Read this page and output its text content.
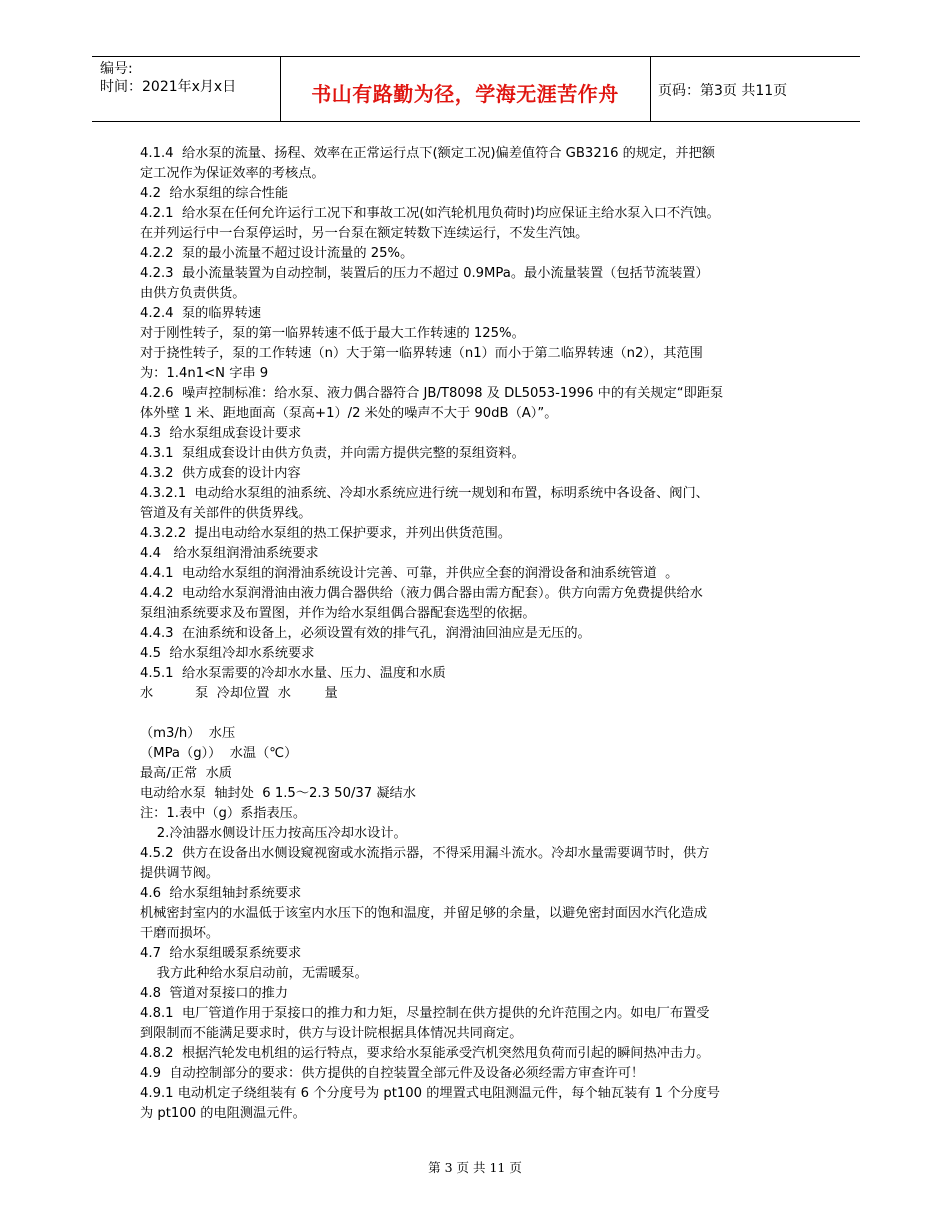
编号:
时间：2021年x月x日	书山有路勤为径，学海无涯苦作舟	页码：第3页 共11页

4.1.4  给水泵的流量、扬程、效率在正常运行点下(额定工况)偏差值符合 GB3216 的规定，并把额

定工况作为保证效率的考核点。

4.2  给水泵组的综合性能

4.2.1  给水泵在任何允许运行工况下和事故工况(如汽轮机甩负荷时)均应保证主给水泵入口不汽蚀。

在并列运行中一台泵停运时，另一台泵在额定转数下连续运行，不发生汽蚀。

4.2.2  泵的最小流量不超过设计流量的 25%。

4.2.3  最小流量装置为自动控制，装置后的压力不超过 0.9MPa。最小流量装置（包括节流装置）

由供方负责供货。

4.2.4  泵的临界转速

对于刚性转子，泵的第一临界转速不低于最大工作转速的 125%。

对于挠性转子，泵的工作转速（n）大于第一临界转速（n1）而小于第二临界转速（n2），其范围

为：1.4n1<N 字串 9

4.2.6  噪声控制标准：给水泵、液力偶合器符合 JB/T8098 及 DL5053-1996 中的有关规定“即距泵

体外壁 1 米、距地面高（泵高+1）/2 米处的噪声不大于 90dB（A）”。

4.3  给水泵组成套设计要求

4.3.1  泵组成套设计由供方负责，并向需方提供完整的泵组资料。

4.3.2  供方成套的设计内容

4.3.2.1  电动给水泵组的油系统、冷却水系统应进行统一规划和布置，标明系统中各设备、阀门、

管道及有关部件的供货界线。

4.3.2.2  提出电动给水泵组的热工保护要求，并列出供货范围。

4.4   给水泵组润滑油系统要求

4.4.1  电动给水泵组的润滑油系统设计完善、可靠，并供应全套的润滑设备和油系统管道  。

4.4.2  电动给水泵润滑油由液力偶合器供给（液力偶合器由需方配套）。供方向需方免费提供给水

泵组油系统要求及布置图，并作为给水泵组偶合器配套选型的依据。

4.4.3  在油系统和设备上，必须设置有效的排气孔，润滑油回油应是无压的。

4.5  给水泵组冷却水系统要求

4.5.1  给水泵需要的冷却水水量、压力、温度和水质

水          泵  冷却位置  水        量

（m3/h）  水压

（MPa（g））  水温（℃）

最高/正常  水质

电动给水泵  轴封处  6 1.5～2.3 50/37 凝结水

注：1.表中（g）系指表压。

2.冷油器水侧设计压力按高压冷却水设计。

4.5.2  供方在设备出水侧设窥视窗或水流指示器，不得采用漏斗流水。冷却水量需要调节时，供方

提供调节阀。

4.6  给水泵组轴封系统要求

机械密封室内的水温低于该室内水压下的饱和温度，并留足够的余量，以避免密封面因水汽化造成

干磨而损坏。

4.7  给水泵组暖泵系统要求

我方此种给水泵启动前，无需暖泵。

4.8  管道对泵接口的推力

4.8.1  电厂管道作用于泵接口的推力和力矩，尽量控制在供方提供的允许范围之内。如电厂布置受

到限制而不能满足要求时，供方与设计院根据具体情况共同商定。

4.8.2  根据汽轮发电机组的运行特点，要求给水泵能承受汽机突然甩负荷而引起的瞬间热冲击力。

4.9  自动控制部分的要求：供方提供的自控装置全部元件及设备必须经需方审查许可！

4.9.1 电动机定子绕组装有 6 个分度号为 pt100 的埋置式电阻测温元件，每个轴瓦装有 1 个分度号

为 pt100 的电阻测温元件。

第 3 页 共 11 页
